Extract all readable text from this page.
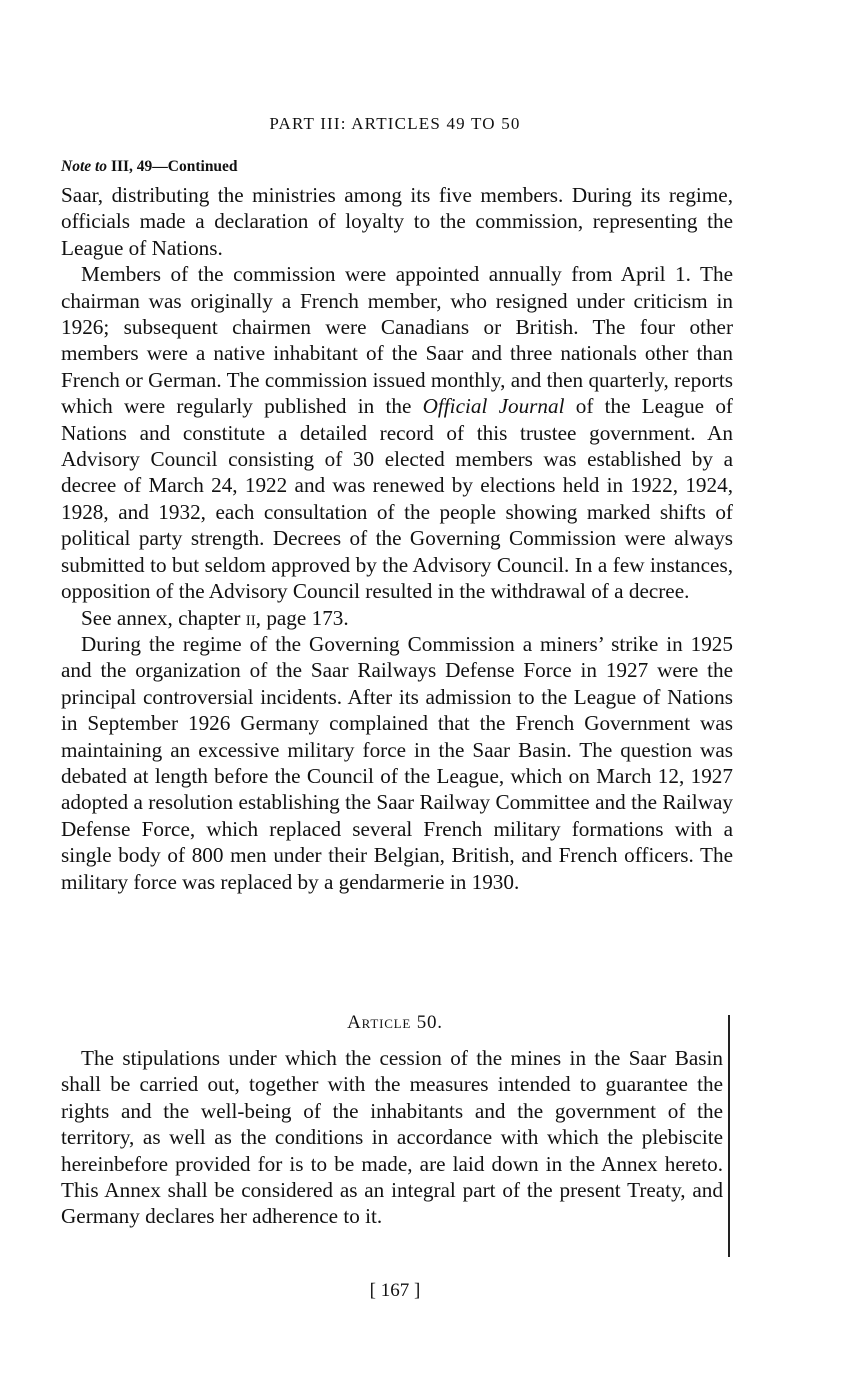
PART III: ARTICLES 49 TO 50
Note to III, 49—Continued

Saar, distributing the ministries among its five members. During its regime, officials made a declaration of loyalty to the commission, representing the League of Nations.

Members of the commission were appointed annually from April 1. The chairman was originally a French member, who resigned under criticism in 1926; subsequent chairmen were Canadians or British. The four other members were a native inhabitant of the Saar and three nationals other than French or German. The commission issued monthly, and then quarterly, reports which were regularly published in the Official Journal of the League of Nations and constitute a detailed record of this trustee government. An Advisory Council consisting of 30 elected members was established by a decree of March 24, 1922 and was renewed by elections held in 1922, 1924, 1928, and 1932, each consultation of the people showing marked shifts of political party strength. Decrees of the Governing Commission were always submitted to but seldom approved by the Advisory Council. In a few instances, opposition of the Advisory Council resulted in the withdrawal of a decree.

See annex, chapter ii, page 173.

During the regime of the Governing Commission a miners’ strike in 1925 and the organization of the Saar Railways Defense Force in 1927 were the principal controversial incidents. After its admission to the League of Nations in September 1926 Germany complained that the French Government was maintaining an excessive military force in the Saar Basin. The question was debated at length before the Council of the League, which on March 12, 1927 adopted a resolution establishing the Saar Railway Committee and the Railway Defense Force, which replaced several French military formations with a single body of 800 men under their Belgian, British, and French officers. The military force was replaced by a gendarmerie in 1930.

Article 50.

The stipulations under which the cession of the mines in the Saar Basin shall be carried out, together with the measures intended to guarantee the rights and the well-being of the inhabitants and the government of the territory, as well as the conditions in accordance with which the plebiscite hereinbefore provided for is to be made, are laid down in the Annex hereto. This Annex shall be considered as an integral part of the present Treaty, and Germany declares her adherence to it.

[ 167 ]
